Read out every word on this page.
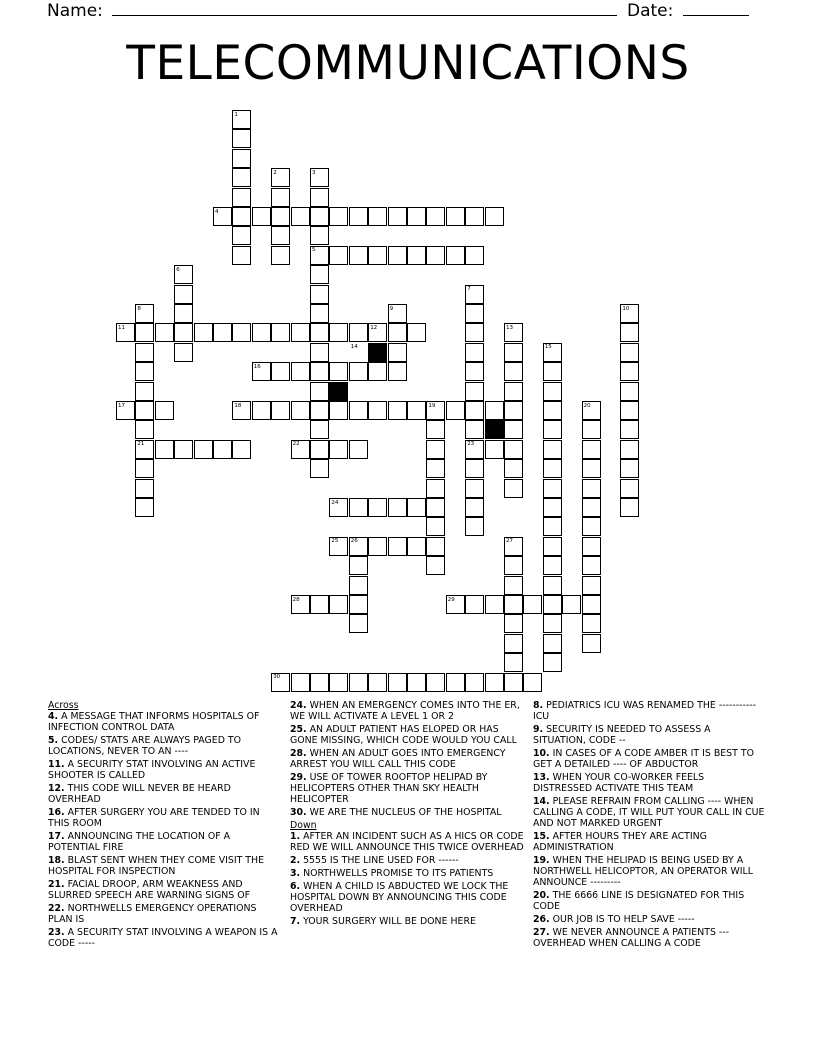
Name:	Date:
TELECOMMUNICATIONS
1
2	3
4
5
6
7
8	9	10
11	12	13
14	15
16
17	18	19	20
21	22	23
24
25 26	27
28	29
30
Across
4. A MESSAGE THAT INFORMS HOSPITALS OF INFECTION CONTROL DATA
5. CODES/ STATS ARE ALWAYS PAGED TO LOCATIONS, NEVER TO AN ----
11. A SECURITY STAT INVOLVING AN ACTIVE SHOOTER IS CALLED
12. THIS CODE WILL NEVER BE HEARD OVERHEAD
16. AFTER SURGERY YOU ARE TENDED TO IN THIS ROOM
17. ANNOUNCING THE LOCATION OF A POTENTIAL FIRE
18. BLAST SENT WHEN THEY COME VISIT THE HOSPITAL FOR INSPECTION
21. FACIAL DROOP, ARM WEAKNESS AND SLURRED SPEECH ARE WARNING SIGNS OF
22. NORTHWELLS EMERGENCY OPERATIONS PLAN IS
23. A SECURITY STAT INVOLVING A WEAPON IS A CODE -----
24. WHEN AN EMERGENCY COMES INTO THE ER, WE WILL ACTIVATE A LEVEL 1 OR 2
25. AN ADULT PATIENT HAS ELOPED OR HAS GONE MISSING, WHICH CODE WOULD YOU CALL
28. WHEN AN ADULT GOES INTO EMERGENCY ARREST YOU WILL CALL THIS CODE
29. USE OF TOWER ROOFTOP HELIPAD BY HELICOPTERS OTHER THAN SKY HEALTH HELICOPTER
30. WE ARE THE NUCLEUS OF THE HOSPITAL
Down
1. AFTER AN INCIDENT SUCH AS A HICS OR CODE RED WE WILL ANNOUNCE THIS TWICE OVERHEAD
2. 5555 IS THE LINE USED FOR ------
3. NORTHWELLS PROMISE TO ITS PATIENTS
6. WHEN A CHILD IS ABDUCTED WE LOCK THE HOSPITAL DOWN BY ANNOUNCING THIS CODE OVERHEAD
7. YOUR SURGERY WILL BE DONE HERE
8. PEDIATRICS ICU WAS RENAMED THE ----------- ICU
9. SECURITY IS NEEDED TO ASSESS A SITUATION, CODE --
10. IN CASES OF A CODE AMBER IT IS BEST TO GET A DETAILED ---- OF ABDUCTOR
13. WHEN YOUR CO-WORKER FEELS DISTRESSED ACTIVATE THIS TEAM
14. PLEASE REFRAIN FROM CALLING ---- WHEN CALLING A CODE, IT WILL PUT YOUR CALL IN CUE AND NOT MARKED URGENT
15. AFTER HOURS THEY ARE ACTING ADMINISTRATION
19. WHEN THE HELIPAD IS BEING USED BY A NORTHWELL HELICOPTOR, AN OPERATOR WILL ANNOUNCE ---------
20. THE 6666 LINE IS DESIGNATED FOR THIS CODE
26. OUR JOB IS TO HELP SAVE -----
27. WE NEVER ANNOUNCE A PATIENTS --- OVERHEAD WHEN CALLING A CODE
